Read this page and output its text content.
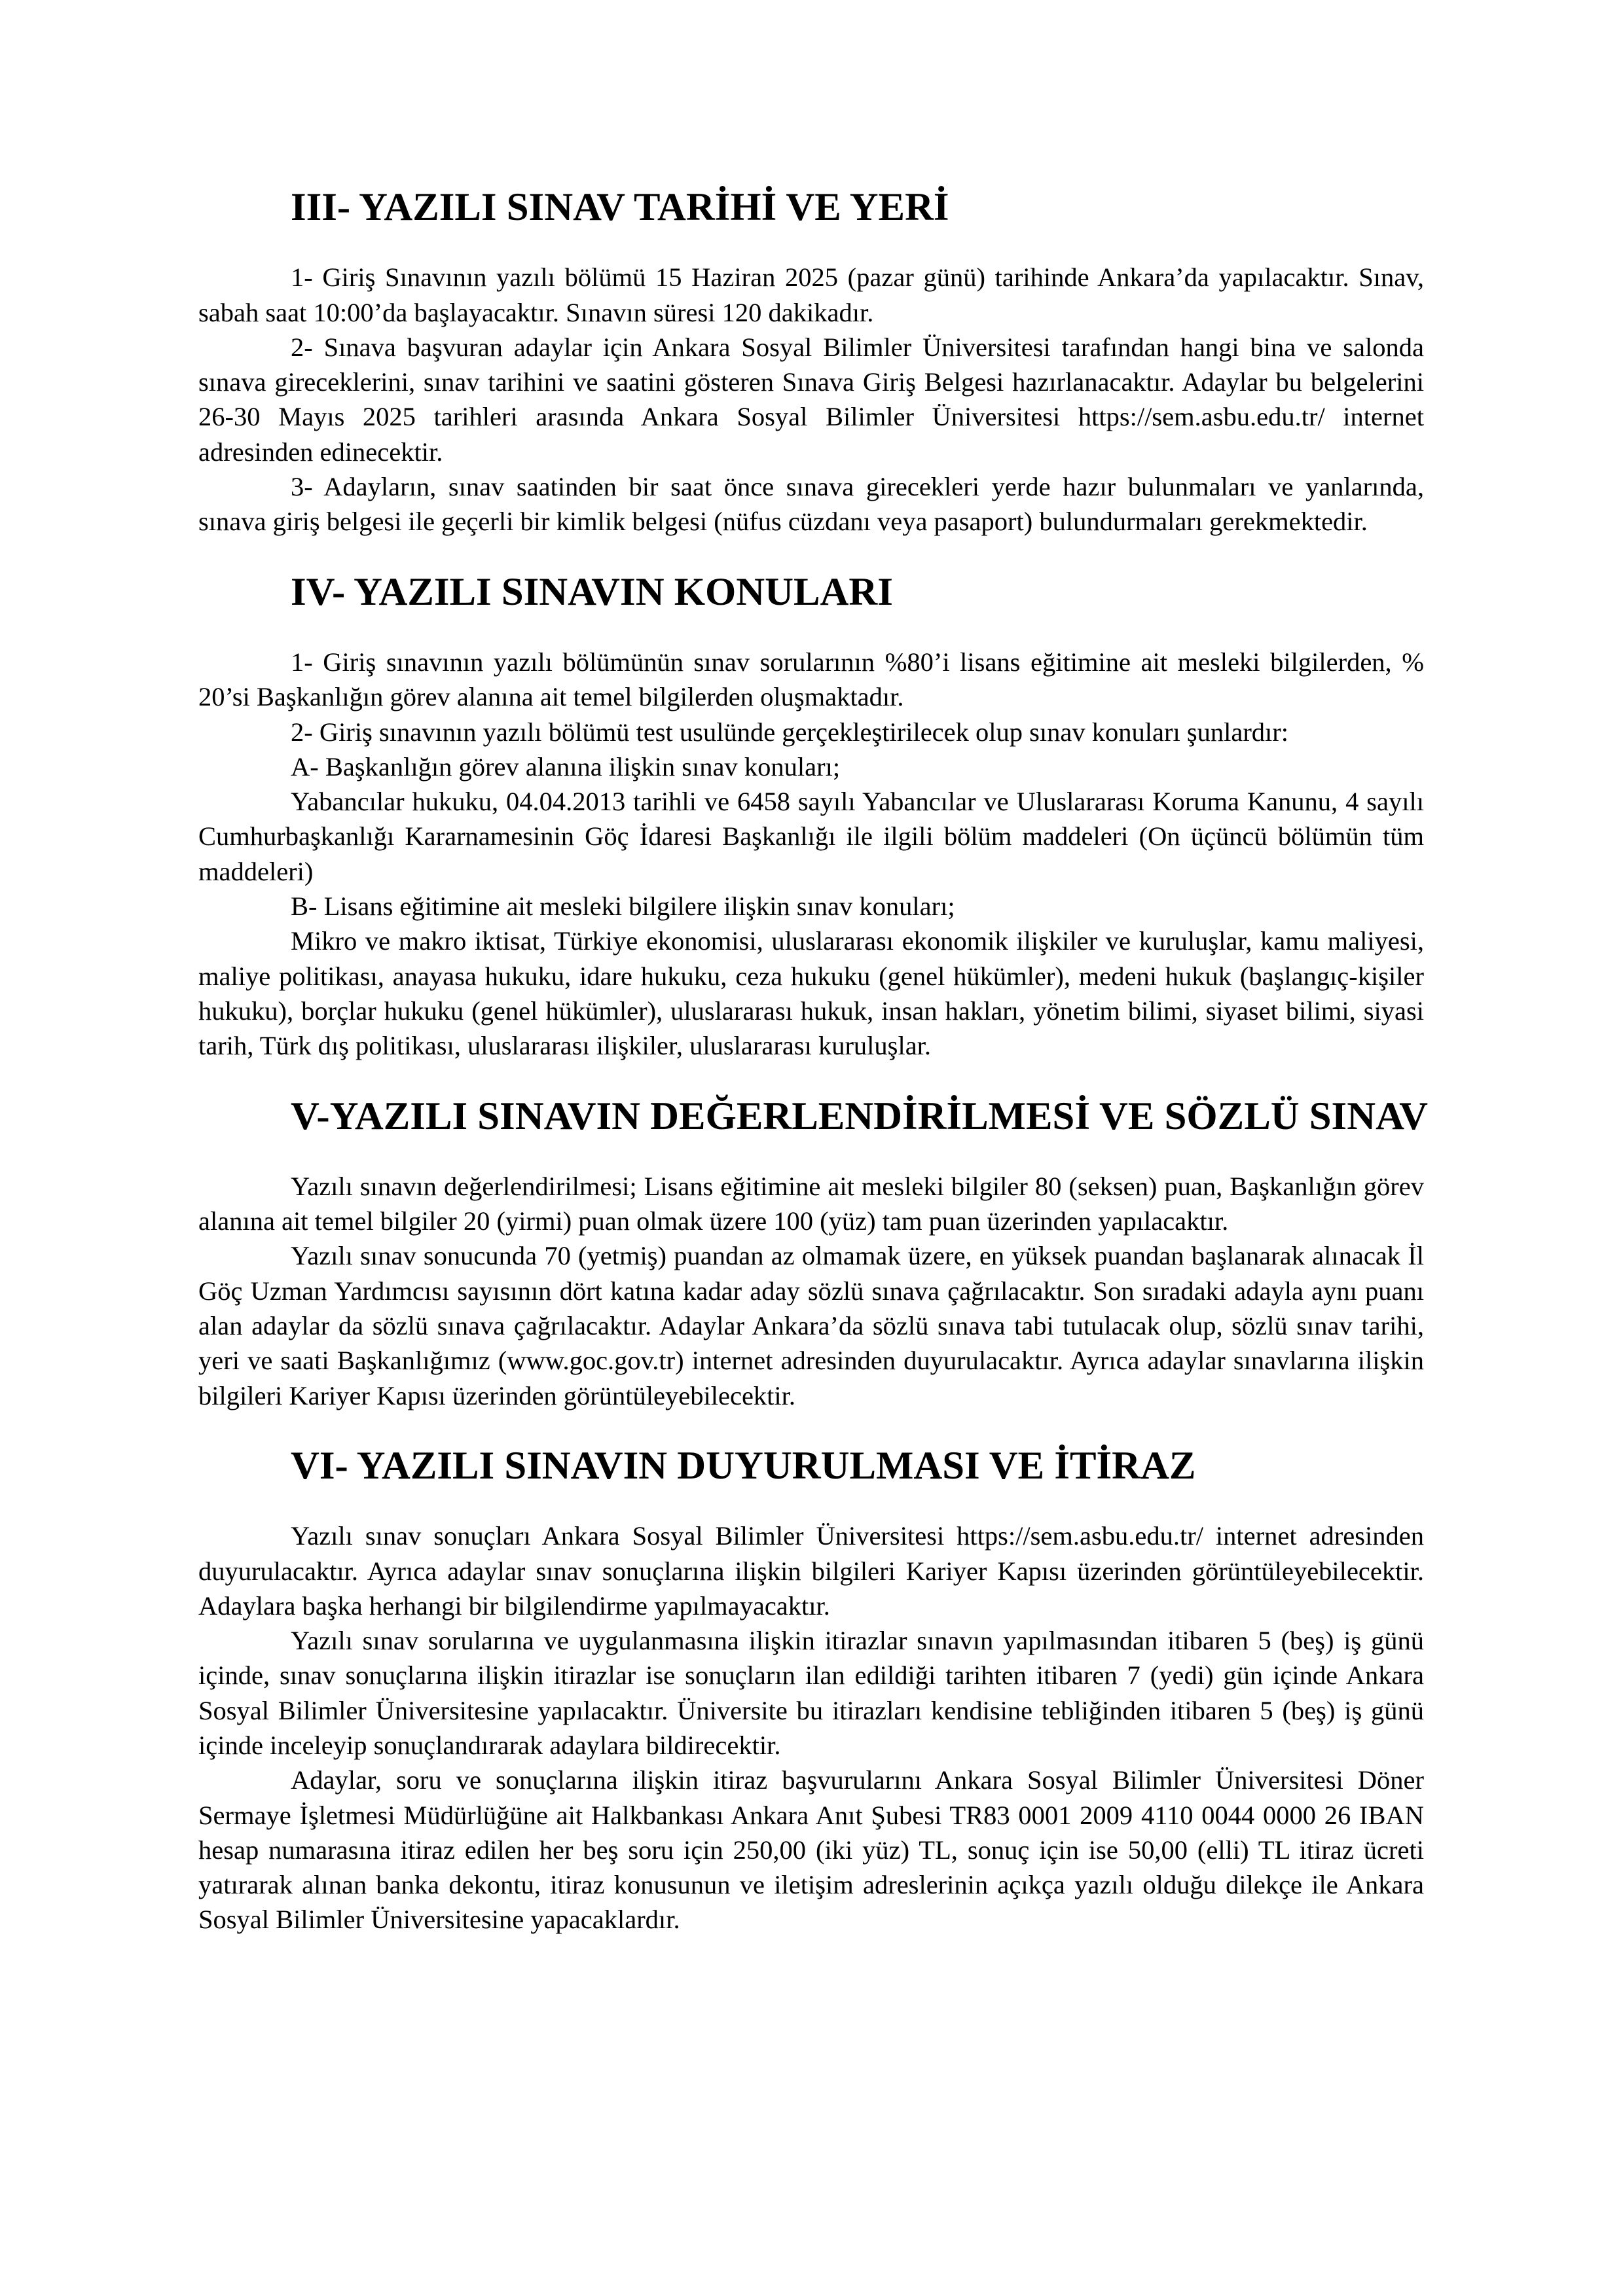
III- YAZILI SINAV TARİHİ VE YERİ

1- Giriş Sınavının yazılı bölümü 15 Haziran 2025 (pazar günü) tarihinde Ankara’da yapılacaktır. Sınav, sabah saat 10:00’da başlayacaktır. Sınavın süresi 120 dakikadır.

2- Sınava başvuran adaylar için Ankara Sosyal Bilimler Üniversitesi tarafından hangi bina ve salonda sınava gireceklerini, sınav tarihini ve saatini gösteren Sınava Giriş Belgesi hazırlanacaktır. Adaylar bu belgelerini 26-30 Mayıs 2025 tarihleri arasında Ankara Sosyal Bilimler Üniversitesi https://sem.asbu.edu.tr/ internet adresinden edinecektir.

3- Adayların, sınav saatinden bir saat önce sınava girecekleri yerde hazır bulunmaları ve yanlarında, sınava giriş belgesi ile geçerli bir kimlik belgesi (nüfus cüzdanı veya pasaport) bulundurmaları gerekmektedir.

IV- YAZILI SINAVIN KONULARI

1- Giriş sınavının yazılı bölümünün sınav sorularının %80’i lisans eğitimine ait mesleki bilgilerden, % 20’si Başkanlığın görev alanına ait temel bilgilerden oluşmaktadır.

2- Giriş sınavının yazılı bölümü test usulünde gerçekleştirilecek olup sınav konuları şunlardır:

A- Başkanlığın görev alanına ilişkin sınav konuları;

Yabancılar hukuku, 04.04.2013 tarihli ve 6458 sayılı Yabancılar ve Uluslararası Koruma Kanunu, 4 sayılı Cumhurbaşkanlığı Kararnamesinin Göç İdaresi Başkanlığı ile ilgili bölüm maddeleri (On üçüncü bölümün tüm maddeleri)

B- Lisans eğitimine ait mesleki bilgilere ilişkin sınav konuları;

Mikro ve makro iktisat, Türkiye ekonomisi, uluslararası ekonomik ilişkiler ve kuruluşlar, kamu maliyesi, maliye politikası, anayasa hukuku, idare hukuku, ceza hukuku (genel hükümler), medeni hukuk (başlangıç-kişiler hukuku), borçlar hukuku (genel hükümler), uluslararası hukuk, insan hakları, yönetim bilimi, siyaset bilimi, siyasi tarih, Türk dış politikası, uluslararası ilişkiler, uluslararası kuruluşlar.

V-YAZILI SINAVIN DEĞERLENDİRİLMESİ VE SÖZLÜ SINAV

Yazılı sınavın değerlendirilmesi; Lisans eğitimine ait mesleki bilgiler 80 (seksen) puan, Başkanlığın görev alanına ait temel bilgiler 20 (yirmi) puan olmak üzere 100 (yüz) tam puan üzerinden yapılacaktır.

Yazılı sınav sonucunda 70 (yetmiş) puandan az olmamak üzere, en yüksek puandan başlanarak alınacak İl Göç Uzman Yardımcısı sayısının dört katına kadar aday sözlü sınava çağrılacaktır. Son sıradaki adayla aynı puanı alan adaylar da sözlü sınava çağrılacaktır. Adaylar Ankara’da sözlü sınava tabi tutulacak olup, sözlü sınav tarihi, yeri ve saati Başkanlığımız (www.goc.gov.tr) internet adresinden duyurulacaktır. Ayrıca adaylar sınavlarına ilişkin bilgileri Kariyer Kapısı üzerinden görüntüleyebilecektir.

VI- YAZILI SINAVIN DUYURULMASI VE İTİRAZ

Yazılı sınav sonuçları Ankara Sosyal Bilimler Üniversitesi https://sem.asbu.edu.tr/ internet adresinden duyurulacaktır. Ayrıca adaylar sınav sonuçlarına ilişkin bilgileri Kariyer Kapısı üzerinden görüntüleyebilecektir. Adaylara başka herhangi bir bilgilendirme yapılmayacaktır.

Yazılı sınav sorularına ve uygulanmasına ilişkin itirazlar sınavın yapılmasından itibaren 5 (beş) iş günü içinde, sınav sonuçlarına ilişkin itirazlar ise sonuçların ilan edildiği tarihten itibaren 7 (yedi) gün içinde Ankara Sosyal Bilimler Üniversitesine yapılacaktır. Üniversite bu itirazları kendisine tebliğinden itibaren 5 (beş) iş günü içinde inceleyip sonuçlandırarak adaylara bildirecektir.

Adaylar, soru ve sonuçlarına ilişkin itiraz başvurularını Ankara Sosyal Bilimler Üniversitesi Döner Sermaye İşletmesi Müdürlüğüne ait Halkbankası Ankara Anıt Şubesi TR83 0001 2009 4110 0044 0000 26 IBAN hesap numarasına itiraz edilen her beş soru için 250,00 (iki yüz) TL, sonuç için ise 50,00 (elli) TL itiraz ücreti yatırarak alınan banka dekontu, itiraz konusunun ve iletişim adreslerinin açıkça yazılı olduğu dilekçe ile Ankara Sosyal Bilimler Üniversitesine yapacaklardır.
